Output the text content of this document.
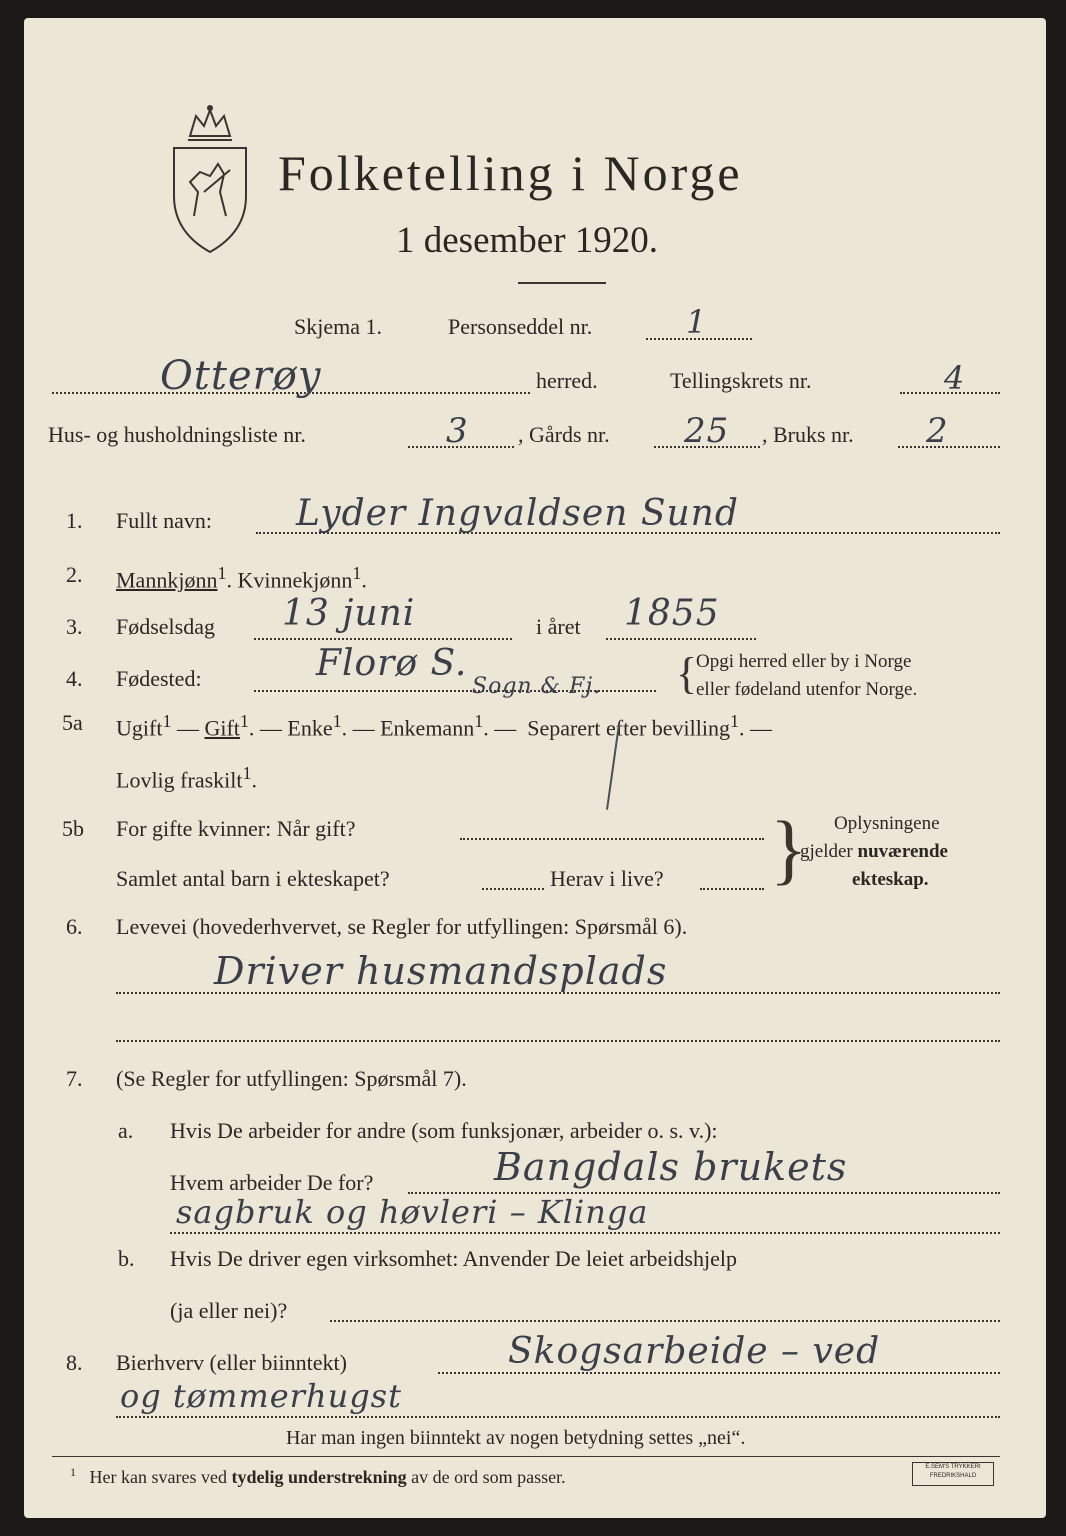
Folketelling i Norge
1 desember 1920.
Skjema 1.	Personseddel nr.	1
Otterøy	herred.	Tellingskrets nr.	4
Hus- og husholdningsliste nr.	3 , Gårds nr. 25 , Bruks nr. 2
1. Fullt navn: Lyder Ingvaldsen Sund
2. Mannkjønn$^1$. Kvinnekjønn$^1$.
3. Fødselsdag 13 juni	i året 1855
4. Fødested:	Florø S.
Sogn & Fj. {
Opgi herred eller by i Norge
eller fødeland utenfor Norge.
5a Ugift$^1$ — Gift$^1$. — Enke$^1$. — Enkemann$^1$. —  Separert efter bevilling$^1$. —
Lovlig fraskilt$^1$.
5b For gifte kvinner: Når gift?
Samlet antal barn i ekteskapet?	Herav i live? } Oplysningene
gjelder nuværende
ekteskap.
6. Levevei (hovederhvervet, se Regler for utfyllingen: Spørsmål 6).
Driver husmandsplads
7. (Se Regler for utfyllingen: Spørsmål 7).
a. Hvis De arbeider for andre (som funksjonær, arbeider o. s. v.):
Hvem arbeider De for?	Bangdals brukets
sagbruk og høvleri – Klinga
b. Hvis De driver egen virksomhet: Anvender De leiet arbeidshjelp
(ja eller nei)?
8. Bierhverv (eller biinntekt)	Skogsarbeide – ved
og tømmerhugst
Har man ingen biinntekt av nogen betydning settes „nei“.
$^1$ Her kan svares ved tydelig understrekning av de ord som passer.	E.SEM'S TRYKKERI
FREDRIKSHALD
